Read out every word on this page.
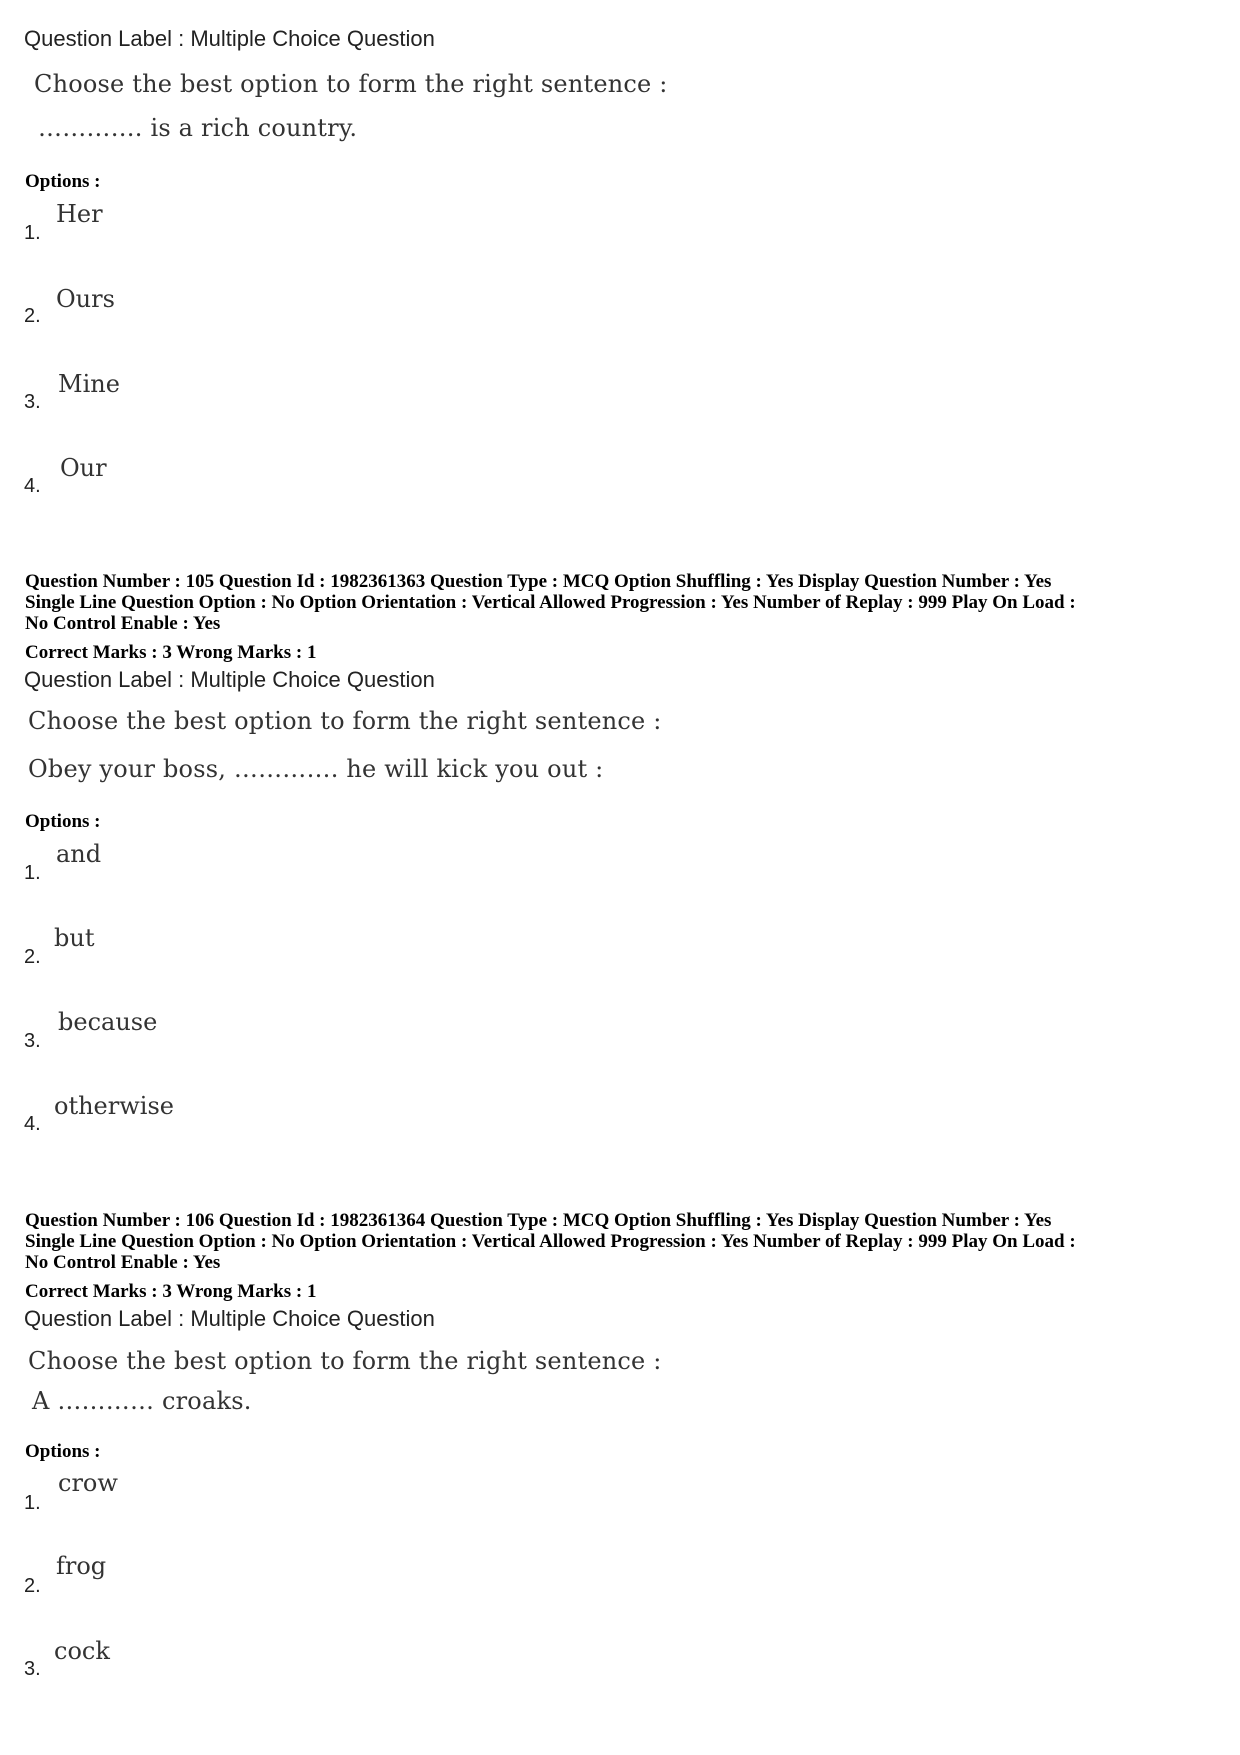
Question Label : Multiple Choice Question
Choose the best option to form the right sentence :
…………. is a rich country.
Options :
1.
Her
2.
Ours
3.
Mine
4.
Our
Question Number : 105 Question Id : 1982361363 Question Type : MCQ Option Shuffling : Yes Display Question Number : Yes
Single Line Question Option : No Option Orientation : Vertical Allowed Progression : Yes Number of Replay : 999 Play On Load :
No Control Enable : Yes
Correct Marks : 3 Wrong Marks : 1
Question Label : Multiple Choice Question
Choose the best option to form the right sentence :
Obey your boss, …………. he will kick you out :
Options :
1.
and
2.
but
3.
because
4.
otherwise
Question Number : 106 Question Id : 1982361364 Question Type : MCQ Option Shuffling : Yes Display Question Number : Yes
Single Line Question Option : No Option Orientation : Vertical Allowed Progression : Yes Number of Replay : 999 Play On Load :
No Control Enable : Yes
Correct Marks : 3 Wrong Marks : 1
Question Label : Multiple Choice Question
Choose the best option to form the right sentence :
A ………… croaks.
Options :
1.
crow
2.
frog
3.
cock
